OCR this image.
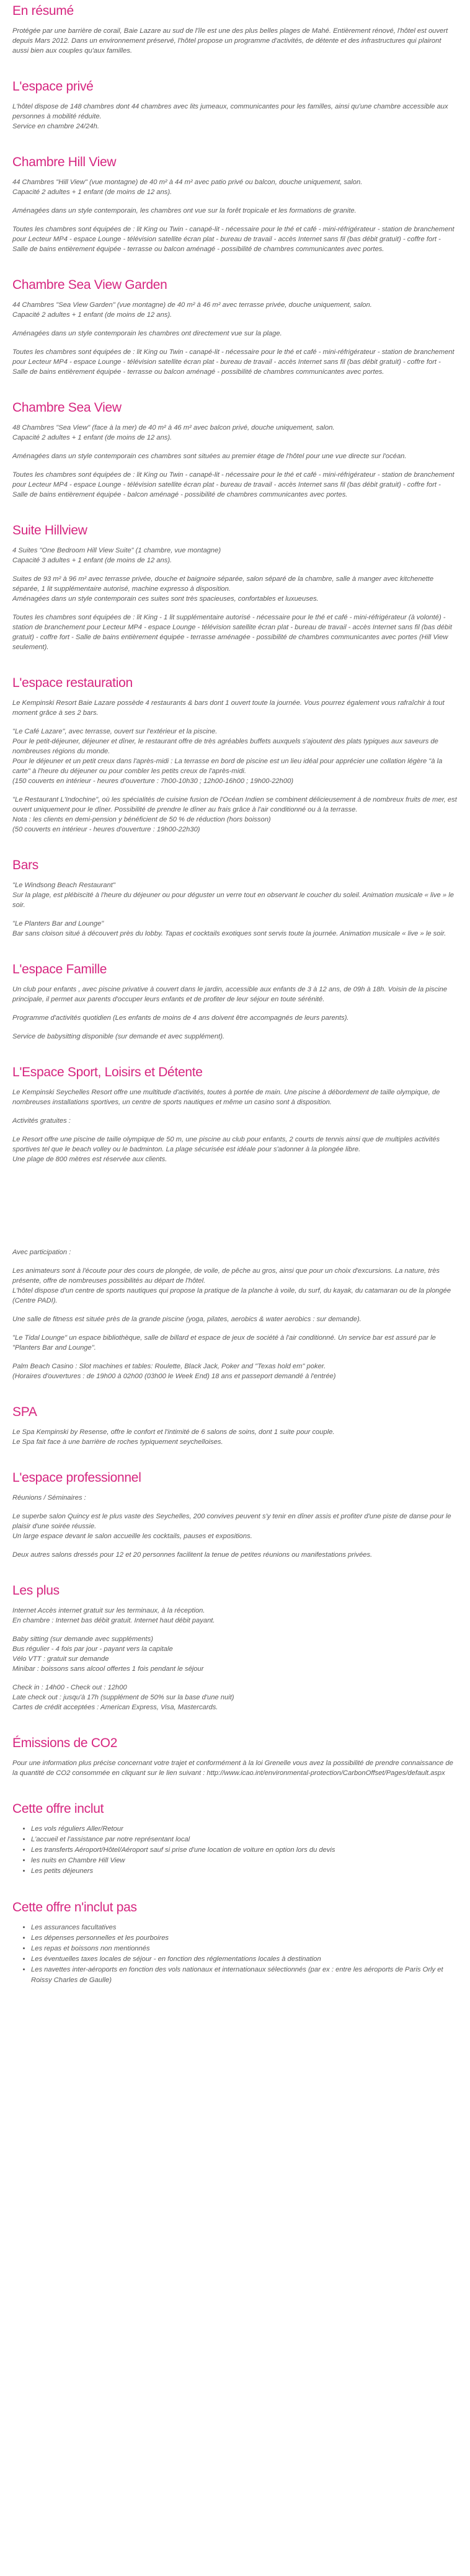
En résumé

Protégée par une barrière de corail, Baie Lazare au sud de l'île est une des plus belles plages de Mahé. Entièrement rénové, l'hôtel est ouvert depuis Mars 2012. Dans un environnement préservé, l'hôtel propose un programme d'activités, de détente et des infrastructures qui plairont aussi bien aux couples qu'aux familles.

L'espace privé

L'hôtel dispose de 148 chambres dont 44 chambres avec lits jumeaux, communicantes pour les familles, ainsi qu'une chambre accessible aux personnes à mobilité réduite.
Service en chambre 24/24h.

Chambre Hill View

44 Chambres "Hill View" (vue montagne) de 40 m² à 44 m² avec patio privé ou balcon, douche uniquement, salon.
Capacité 2 adultes + 1 enfant (de moins de 12 ans).

Aménagées dans un style contemporain, les chambres ont vue sur la forêt tropicale et les formations de granite.

Toutes les chambres sont équipées de : lit King ou Twin - canapé-lit - nécessaire pour le thé et café - mini-réfrigérateur - station de branchement pour Lecteur MP4 - espace Lounge - télévision satellite écran plat - bureau de travail - accès Internet sans fil (bas débit gratuit) - coffre fort - Salle de bains entièrement équipée - terrasse ou balcon aménagé - possibilité de chambres communicantes avec portes.

Chambre Sea View Garden

44 Chambres "Sea View Garden" (vue montagne) de 40 m² à 46 m² avec terrasse privée, douche uniquement, salon.
Capacité 2 adultes + 1 enfant (de moins de 12 ans).

Aménagées dans un style contemporain les chambres ont directement vue sur la plage.

Toutes les chambres sont équipées de : lit King ou Twin - canapé-lit - nécessaire pour le thé et café - mini-réfrigérateur - station de branchement pour Lecteur MP4 - espace Lounge - télévision satellite écran plat - bureau de travail - accès Internet sans fil (bas débit gratuit) - coffre fort - Salle de bains entièrement équipée - terrasse ou balcon aménagé - possibilité de chambres communicantes avec portes.

Chambre Sea View

48 Chambres "Sea View" (face à la mer) de 40 m² à 46 m² avec balcon privé, douche uniquement, salon.
Capacité 2 adultes + 1 enfant (de moins de 12 ans).

Aménagées dans un style contemporain ces chambres sont situées au premier étage de l'hôtel pour une vue directe sur l'océan.

Toutes les chambres sont équipées de : lit King ou Twin - canapé-lit - nécessaire pour le thé et café - mini-réfrigérateur - station de branchement pour Lecteur MP4 - espace Lounge - télévision satellite écran plat - bureau de travail - accès Internet sans fil (bas débit gratuit) - coffre fort - Salle de bains entièrement équipée - balcon aménagé - possibilité de chambres communicantes avec portes.

Suite Hillview

4 Suites "One Bedroom Hill View Suite" (1 chambre, vue montagne)
Capacité 3 adultes + 1 enfant (de moins de 12 ans).

Suites de 93 m² à 96 m² avec terrasse privée, douche et baignoire séparée, salon séparé de la chambre, salle à manger avec kitchenette séparée, 1 lit supplémentaire autorisé, machine expresso à disposition.
Aménagées dans un style contemporain ces suites sont très spacieuses, confortables et luxueuses.

Toutes les chambres sont équipées de : lit King - 1 lit supplémentaire autorisé - nécessaire pour le thé et café - mini-réfrigérateur (à volonté) - station de branchement pour Lecteur MP4 - espace Lounge - télévision satellite écran plat - bureau de travail - accès Internet sans fil (bas débit gratuit) - coffre fort - Salle de bains entièrement équipée - terrasse aménagée - possibilité de chambres communicantes avec portes (Hill View seulement).

L'espace restauration

Le Kempinski Resort Baie Lazare possède 4 restaurants & bars dont 1 ouvert toute la journée. Vous pourrez également vous rafraîchir à tout moment grâce à ses 2 bars.

"Le Café Lazare", avec terrasse, ouvert sur l'extérieur et la piscine.
Pour le petit-déjeuner, déjeuner et dîner, le restaurant offre de très agréables buffets auxquels s'ajoutent des plats typiques aux saveurs de nombreuses régions du monde.
Pour le déjeuner et un petit creux dans l'après-midi : La terrasse en bord de piscine est un lieu idéal pour apprécier une collation légère "à la carte" à l'heure du déjeuner ou pour combler les petits creux de l'après-midi.
(150 couverts en intérieur - heures d'ouverture : 7h00-10h30 ; 12h00-16h00 ; 19h00-22h00)

"Le Restaurant L'Indochine", où les spécialités de cuisine fusion de l'Océan Indien se combinent délicieusement à de nombreux fruits de mer, est ouvert uniquement pour le dîner. Possibilité de prendre le dîner au frais grâce à l'air conditionné ou à la terrasse.
Nota : les clients en demi-pension y bénéficient de 50 % de réduction (hors boisson)
(50 couverts en intérieur - heures d'ouverture : 19h00-22h30)

Bars

"Le Windsong Beach Restaurant"
Sur la plage, est plébiscité à l'heure du déjeuner ou pour déguster un verre tout en observant le coucher du soleil. Animation musicale « live » le soir.

"Le Planters Bar and Lounge"
Bar sans cloison situé à découvert près du lobby. Tapas et cocktails exotiques sont servis toute la journée. Animation musicale « live » le soir.

L'espace Famille

Un club pour enfants , avec piscine privative à couvert dans le jardin, accessible aux enfants de 3 à 12 ans, de 09h à 18h. Voisin de la piscine principale, il permet aux parents d'occuper leurs enfants et de profiter de leur séjour en toute sérénité.

Programme d'activités quotidien (Les enfants de moins de 4 ans doivent être accompagnés de leurs parents).

Service de babysitting disponible (sur demande et avec supplément).

L'Espace Sport, Loisirs et Détente

Le Kempinski Seychelles Resort offre une multitude d'activités, toutes à portée de main. Une piscine à débordement de taille olympique, de nombreuses installations sportives, un centre de sports nautiques et même un casino sont à disposition.

Activités gratuites :

Le Resort offre une piscine de taille olympique de 50 m, une piscine au club pour enfants, 2 courts de tennis ainsi que de multiples activités sportives tel que le beach volley ou le badminton. La plage sécurisée est idéale pour s'adonner à la plongée libre.
Une plage de 800 mètres est réservée aux clients.

Avec participation :

Les animateurs sont à l'écoute pour des cours de plongée, de voile, de pêche au gros, ainsi que pour un choix d'excursions. La nature, très présente, offre de nombreuses possibilités au départ de l'hôtel.
L'hôtel dispose d'un centre de sports nautiques qui propose la pratique de la planche à voile, du surf, du kayak, du catamaran ou de la plongée (Centre PADI).

Une salle de fitness est située près de la grande piscine (yoga, pilates, aerobics & water aerobics : sur demande).

"Le Tidal Lounge" un espace bibliothèque, salle de billard et espace de jeux de société à l'air conditionné. Un service bar est assuré par le "Planters Bar and Lounge".

Palm Beach Casino : Slot machines et tables: Roulette, Black Jack, Poker and "Texas hold em" poker.
(Horaires d'ouvertures : de 19h00 à 02h00 (03h00 le Week End) 18 ans et passeport demandé à l'entrée)

SPA

Le Spa Kempinski by Resense, offre le confort et l'intimité de 6 salons de soins, dont 1 suite pour couple.
Le Spa fait face à une barrière de roches typiquement seychelloises.

L'espace professionnel

Réunions / Séminaires :

Le superbe salon Quincy est le plus vaste des Seychelles, 200 convives peuvent s'y tenir en dîner assis et profiter d'une piste de danse pour le plaisir d'une soirée réussie.
Un large espace devant le salon accueille les cocktails, pauses et expositions.

Deux autres salons dressés pour 12 et 20 personnes facilitent la tenue de petites réunions ou manifestations privées.

Les plus

Internet Accès internet gratuit sur les terminaux, à la réception.
En chambre : Internet bas débit gratuit. Internet haut débit payant.

Baby sitting (sur demande avec suppléments)
Bus régulier - 4 fois par jour - payant vers la capitale
Vélo VTT : gratuit sur demande
Minibar : boissons sans alcool offertes 1 fois pendant le séjour

Check in : 14h00 - Check out : 12h00
Late check out : jusqu'à 17h (supplément de 50% sur la base d'une nuit)
Cartes de crédit acceptées : American Express, Visa, Mastercards.

Émissions de CO2

Pour une information plus précise concernant votre trajet et conformément à la loi Grenelle vous avez la possibilité de prendre connaissance de la quantité de CO2 consommée en cliquant sur le lien suivant : http://www.icao.int/environmental-protection/CarbonOffset/Pages/default.aspx

Cette offre inclut
• Les vols réguliers Aller/Retour
• L'accueil et l'assistance par notre représentant local
• Les transferts Aéroport/Hôtel/Aéroport sauf si prise d'une location de voiture en option lors du devis
• les nuits en Chambre Hill View
• Les petits déjeuners
Cette offre n'inclut pas
• Les assurances facultatives
• Les dépenses personnelles et les pourboires
• Les repas et boissons non mentionnés
• Les éventuelles taxes locales de séjour - en fonction des réglementations locales à destination
• Les navettes inter-aéroports en fonction des vols nationaux et internationaux sélectionnés (par ex : entre les aéroports de Paris Orly et Roissy Charles de Gaulle)
